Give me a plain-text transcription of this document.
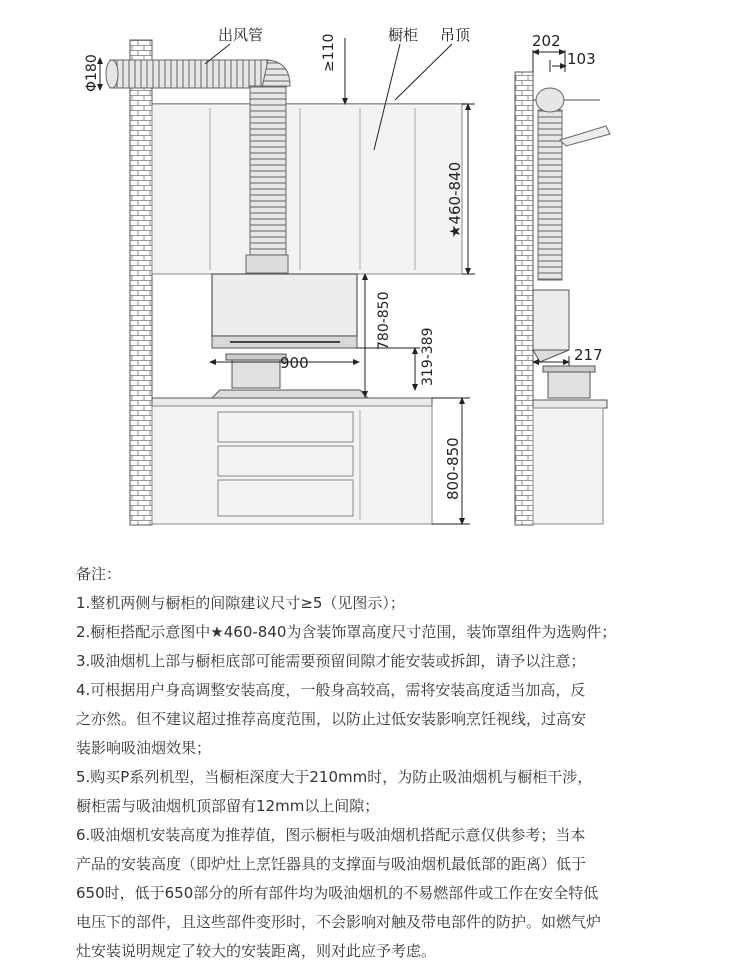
Φ180
出风管	≥110	橱柜 吊顶
★460-840
780-850
900	319-389
800-850
202
103
217

备注：

1.整机两侧与橱柜的间隙建议尺寸≥5（见图示）；

2.橱柜搭配示意图中★460-840为含装饰罩高度尺寸范围，装饰罩组件为选购件；

3.吸油烟机上部与橱柜底部可能需要预留间隙才能安装或拆卸，请予以注意；

4.可根据用户身高调整安装高度，一般身高较高，需将安装高度适当加高，反

之亦然。但不建议超过推荐高度范围，以防止过低安装影响烹饪视线，过高安

装影响吸油烟效果；

5.购买P系列机型，当橱柜深度大于210mm时，为防止吸油烟机与橱柜干涉，

橱柜需与吸油烟机顶部留有12mm以上间隙；

6.吸油烟机安装高度为推荐值，图示橱柜与吸油烟机搭配示意仅供参考；当本

产品的安装高度（即炉灶上烹饪器具的支撑面与吸油烟机最低部的距离）低于

650时，低于650部分的所有部件均为吸油烟机的不易燃部件或工作在安全特低

电压下的部件，且这些部件变形时，不会影响对触及带电部件的防护。如燃气炉

灶安装说明规定了较大的安装距离，则对此应予考虑。
